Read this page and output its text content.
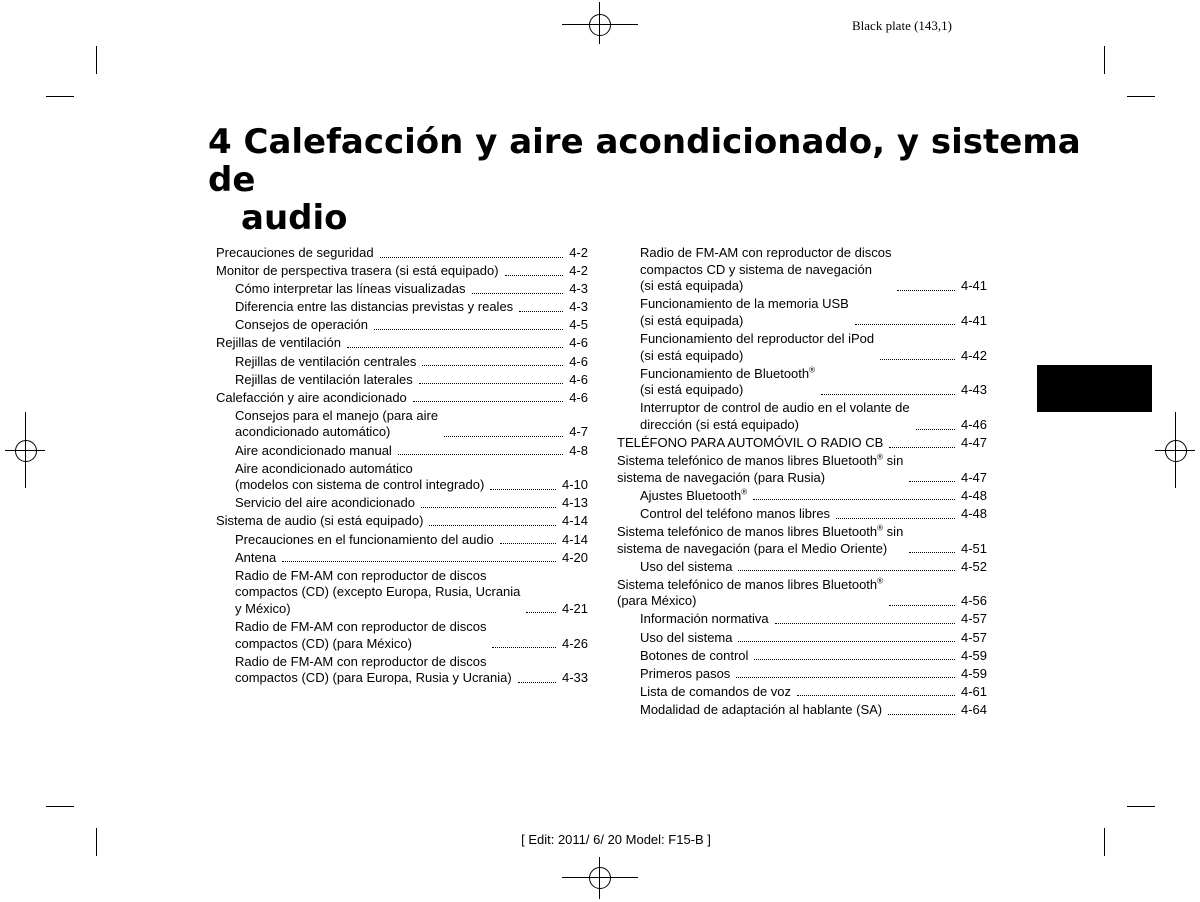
Black plate (143,1)
4 Calefacción y aire acondicionado, y sistema de
audio
Precauciones de seguridad	4-2
Monitor de perspectiva trasera (si está equipado)	4-2
Cómo interpretar las líneas visualizadas	4-3
Diferencia entre las distancias previstas y reales	4-3
Consejos de operación	4-5
Rejillas de ventilación	4-6
Rejillas de ventilación centrales	4-6
Rejillas de ventilación laterales	4-6
Calefacción y aire acondicionado	4-6
Consejos para el manejo (para aire
acondicionado automático)	4-7
Aire acondicionado manual	4-8
Aire acondicionado automático
(modelos con sistema de control integrado)	4-10
Servicio del aire acondicionado	4-13
Sistema de audio (si está equipado)	4-14
Precauciones en el funcionamiento del audio	4-14
Antena	4-20
Radio de FM-AM con reproductor de discos
compactos (CD) (excepto Europa, Rusia, Ucrania
y México)	4-21
Radio de FM-AM con reproductor de discos
compactos (CD) (para México)	4-26
Radio de FM-AM con reproductor de discos
compactos (CD) (para Europa, Rusia y Ucrania)	4-33
Radio de FM-AM con reproductor de discos
compactos CD y sistema de navegación
(si está equipada)	4-41
Funcionamiento de la memoria USB
(si está equipada)	4-41
Funcionamiento del reproductor del iPod
(si está equipado)	4-42
Funcionamiento de Bluetooth®
(si está equipado)	4-43
Interruptor de control de audio en el volante de
dirección (si está equipado)	4-46
TELÉFONO PARA AUTOMÓVIL O RADIO CB	4-47
Sistema telefónico de manos libres Bluetooth® sin
sistema de navegación (para Rusia)	4-47
Ajustes Bluetooth®	4-48
Control del teléfono manos libres	4-48
Sistema telefónico de manos libres Bluetooth® sin
sistema de navegación (para el Medio Oriente)	4-51
Uso del sistema	4-52
Sistema telefónico de manos libres Bluetooth®
(para México)	4-56
Información normativa	4-57
Uso del sistema	4-57
Botones de control	4-59
Primeros pasos	4-59
Lista de comandos de voz	4-61
Modalidad de adaptación al hablante (SA)	4-64
[ Edit: 2011/ 6/ 20 Model: F15-B ]
